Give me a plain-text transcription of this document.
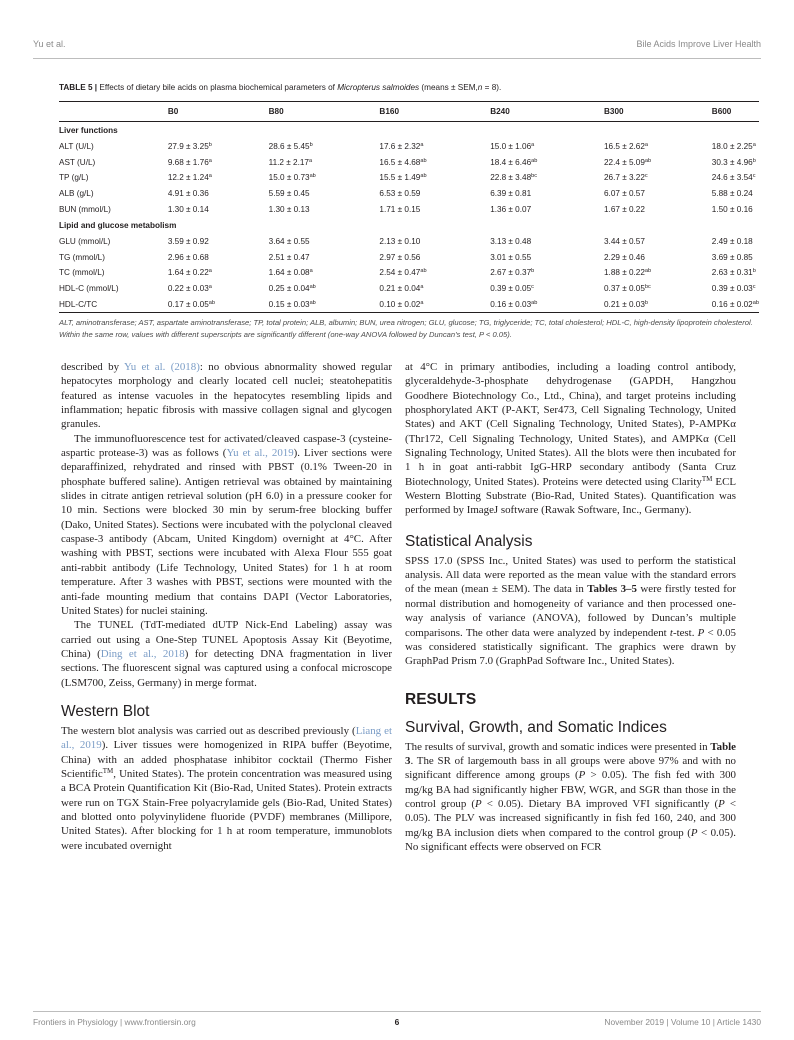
Yu et al.	Bile Acids Improve Liver Health
TABLE 5 | Effects of dietary bile acids on plasma biochemical parameters of Micropterus salmoides (means ± SEM,n = 8).
	B0	B80	B160	B240	B300	B600	
Liver functions							
ALT (U/L)	27.9 ± 3.25$^b$	28.6 ± 5.45$^b$	17.6 ± 2.32$^a$	15.0 ± 1.06$^a$	16.5 ± 2.62$^a$	18.0 ± 2.25$^a$	
AST (U/L)	9.68 ± 1.76$^a$	11.2 ± 2.17$^a$	16.5 ± 4.68$^{ab}$	18.4 ± 6.46$^{ab}$	22.4 ± 5.09$^{ab}$	30.3 ± 4.96$^b$	
TP (g/L)	12.2 ± 1.24$^a$	15.0 ± 0.73$^{ab}$	15.5 ± 1.49$^{ab}$	22.8 ± 3.48$^{bc}$	26.7 ± 3.22$^c$	24.6 ± 3.54$^c$	
ALB (g/L)	4.91 ± 0.36	5.59 ± 0.45	6.53 ± 0.59	6.39 ± 0.81	6.07 ± 0.57	5.88 ± 0.24	
BUN (mmol/L)	1.30 ± 0.14	1.30 ± 0.13	1.71 ± 0.15	1.36 ± 0.07	1.67 ± 0.22	1.50 ± 0.16	
Lipid and glucose metabolism							
GLU (mmol/L)	3.59 ± 0.92	3.64 ± 0.55	2.13 ± 0.10	3.13 ± 0.48	3.44 ± 0.57	2.49 ± 0.18	
TG (mmol/L)	2.96 ± 0.68	2.51 ± 0.47	2.97 ± 0.56	3.01 ± 0.55	2.29 ± 0.46	3.69 ± 0.85	
TC (mmol/L)	1.64 ± 0.22$^a$	1.64 ± 0.08$^a$	2.54 ± 0.47$^{ab}$	2.67 ± 0.37$^b$	1.88 ± 0.22$^{ab}$	2.63 ± 0.31$^b$	
HDL-C (mmol/L)	0.22 ± 0.03$^a$	0.25 ± 0.04$^{ab}$	0.21 ± 0.04$^a$	0.39 ± 0.05$^c$	0.37 ± 0.05$^{bc}$	0.39 ± 0.03$^c$	
HDL-C/TC	0.17 ± 0.05$^{ab}$	0.15 ± 0.03$^{ab}$	0.10 ± 0.02$^a$	0.16 ± 0.03$^{ab}$	0.21 ± 0.03$^b$	0.16 ± 0.02$^{ab}$	
ALT, aminotransferase; AST, aspartate aminotransferase; TP, total protein; ALB, albumin; BUN, urea nitrogen; GLU, glucose; TG, triglyceride; TC, total cholesterol; HDL-C, high-density lipoprotein cholesterol. Within the same row, values with different superscripts are significantly different (one-way ANOVA followed by Duncan’s test, P < 0.05).

described by Yu et al. (2018): no obvious abnormality showed regular hepatocytes morphology and clearly located cell nuclei; steatohepatitis featured as intense vacuoles in the hepatocytes resembling lipids and inflammation; hepatic fibrosis with massive collagen signal and glycogen granules.

The immunofluorescence test for activated/cleaved caspase-3 (cysteine-aspartic protease-3) was as follows (Yu et al., 2019). Liver sections were deparaffinized, rehydrated and rinsed with PBST (0.1% Tween-20 in phosphate buffered saline). Antigen retrieval was obtained by maintaining slides in citrate antigen retrieval solution (pH 6.0) in a pressure cooker for 10 min. Sections were blocked 30 min by serum-free blocking buffer (Dako, United States). Sections were incubated with the polyclonal cleaved caspase-3 antibody (Abcam, United Kingdom) overnight at 4°C. After washing with PBST, sections were incubated with Alexa Flour 555 goat anti-rabbit antibody (Life Technology, United States) for 1 h at room temperature. After 3 washes with PBST, sections were mounted with the anti-fade mounting medium that contains DAPI (Vector Laboratories, United States) for nuclei staining.

The TUNEL (TdT-mediated dUTP Nick-End Labeling) assay was carried out using a One-Step TUNEL Apoptosis Assay Kit (Beyotime, China) (Ding et al., 2018) for detecting DNA fragmentation in liver sections. The fluorescent signal was captured using a confocal microscope (LSM700, Zeiss, Germany) in merge format.

Western Blot

The western blot analysis was carried out as described previously (Liang et al., 2019). Liver tissues were homogenized in RIPA buffer (Beyotime, China) with an added phosphatase inhibitor cocktail (Thermo Fisher Scientific™, United States). The protein concentration was measured using a BCA Protein Quantification Kit (Bio-Rad, United States). Protein extracts were run on TGX Stain-Free polyacrylamide gels (Bio-Rad, United States) and blotted onto polyvinylidene fluoride (PVDF) membranes (Millipore, United States). After blocking for 1 h at room temperature, immunoblots were incubated overnight

at 4°C in primary antibodies, including a loading control antibody, glyceraldehyde-3-phosphate dehydrogenase (GAPDH, Hangzhou Goodhere Biotechnology Co., Ltd., China), and target proteins including phosphorylated AKT (P-AKT, Ser473, Cell Signaling Technology, United States) and AKT (Cell Signaling Technology, United States), P-AMPKα (Thr172, Cell Signaling Technology, United States), and AMPKα (Cell Signaling Technology, United States). All the blots were then incubated for 1 h in goat anti-rabbit IgG-HRP secondary antibody (Santa Cruz Biotechnology, United States). Proteins were detected using Clarity™ ECL Western Blotting Substrate (Bio-Rad, United States). Quantification was performed by ImageJ software (Rawak Software, Inc., Germany).

Statistical Analysis

SPSS 17.0 (SPSS Inc., United States) was used to perform the statistical analysis. All data were reported as the mean value with the standard errors of the mean (mean ± SEM). The data in Tables 3–5 were firstly tested for normal distribution and homogeneity of variance and then processed one-way analysis of variance (ANOVA), followed by Duncan’s multiple comparisons. The other data were analyzed by independent t-test. P < 0.05 was considered statistically significant. The graphics were drawn by GraphPad Prism 7.0 (GraphPad Software Inc., United States).

RESULTS
Survival, Growth, and Somatic Indices

The results of survival, growth and somatic indices were presented in Table 3. The SR of largemouth bass in all groups were above 97% and with no significant difference among groups (P > 0.05). The fish fed with 300 mg/kg BA had significantly higher FBW, WGR, and SGR than those in the control group (P < 0.05). Dietary BA improved VFI significantly (P < 0.05). The PLV was increased significantly in fish fed 160, 240, and 300 mg/kg BA inclusion diets when compared to the control group (P < 0.05). No significant effects were observed on FCR

Frontiers in Physiology | www.frontiersin.org	6	November 2019 | Volume 10 | Article 1430
